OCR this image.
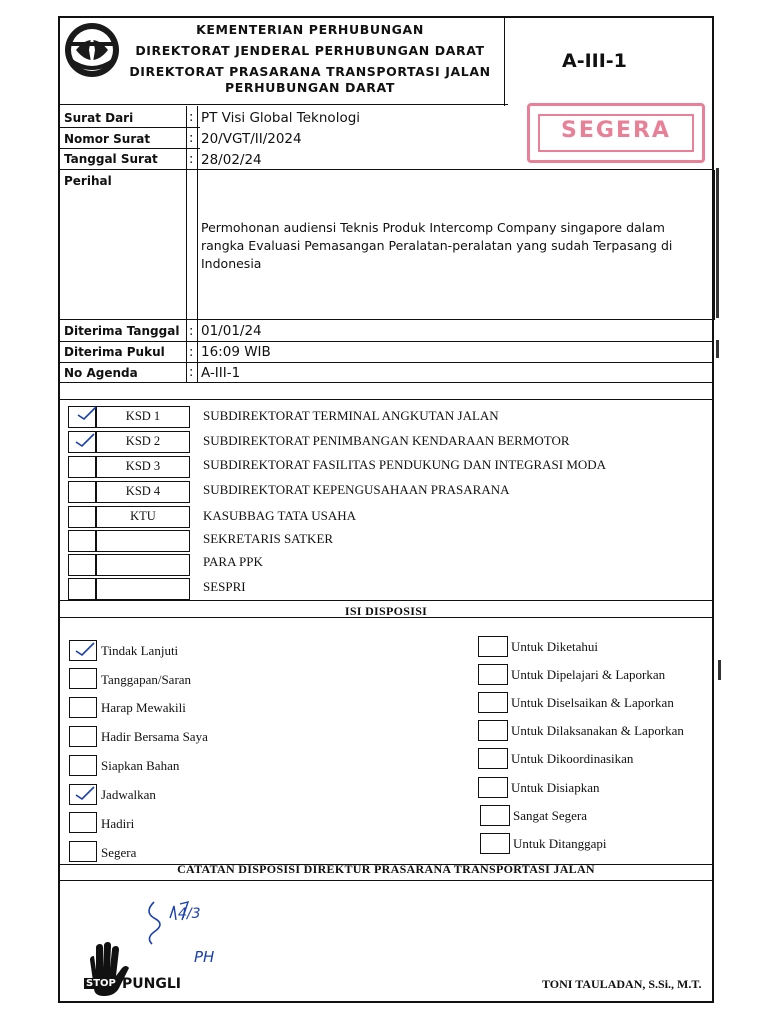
KEMENTERIAN PERHUBUNGAN
DIREKTORAT JENDERAL PERHUBUNGAN DARAT
DIREKTORAT PRASARANA TRANSPORTASI JALAN
PERHUBUNGAN DARAT
A-III-1
SEGERA
Surat Dari	: PT Visi Global Teknologi
Nomor Surat	: 20/VGT/II/2024
Tanggal Surat : 28/02/24
Perihal
Permohonan audiensi Teknis Produk Intercomp Company singapore dalam rangka Evaluasi Pemasangan Peralatan-peralatan yang sudah Terpasang di Indonesia
Diterima Tanggal : 01/01/24
Diterima Pukul : 16:09 WIB
No Agenda	: A-III-1
KSD 1	SUBDIREKTORAT TERMINAL ANGKUTAN JALAN
KSD 2	SUBDIREKTORAT PENIMBANGAN KENDARAAN BERMOTOR
KSD 3	SUBDIREKTORAT FASILITAS PENDUKUNG DAN INTEGRASI MODA
KSD 4	SUBDIREKTORAT KEPENGUSAHAAN PRASARANA
KTU	KASUBBAG TATA USAHA
SEKRETARIS SATKER
PARA PPK
SESPRI
ISI DISPOSISI
Tindak Lanjuti
Tanggapan/Saran
Harap Mewakili
Hadir Bersama Saya
Siapkan Bahan
Jadwalkan
Hadiri
Segera
Untuk Diketahui
Untuk Dipelajari & Laporkan
Untuk Diselsaikan & Laporkan
Untuk Dilaksanakan & Laporkan
Untuk Dikoordinasikan
Untuk Disiapkan
Sangat Segera
Untuk Ditanggapi
CATATAN DISPOSISI DIREKTUR PRASARANA TRANSPORTASI JALAN
4/3
PH
STOP PUNGLI	TONI TAULADAN, S.Si., M.T.
